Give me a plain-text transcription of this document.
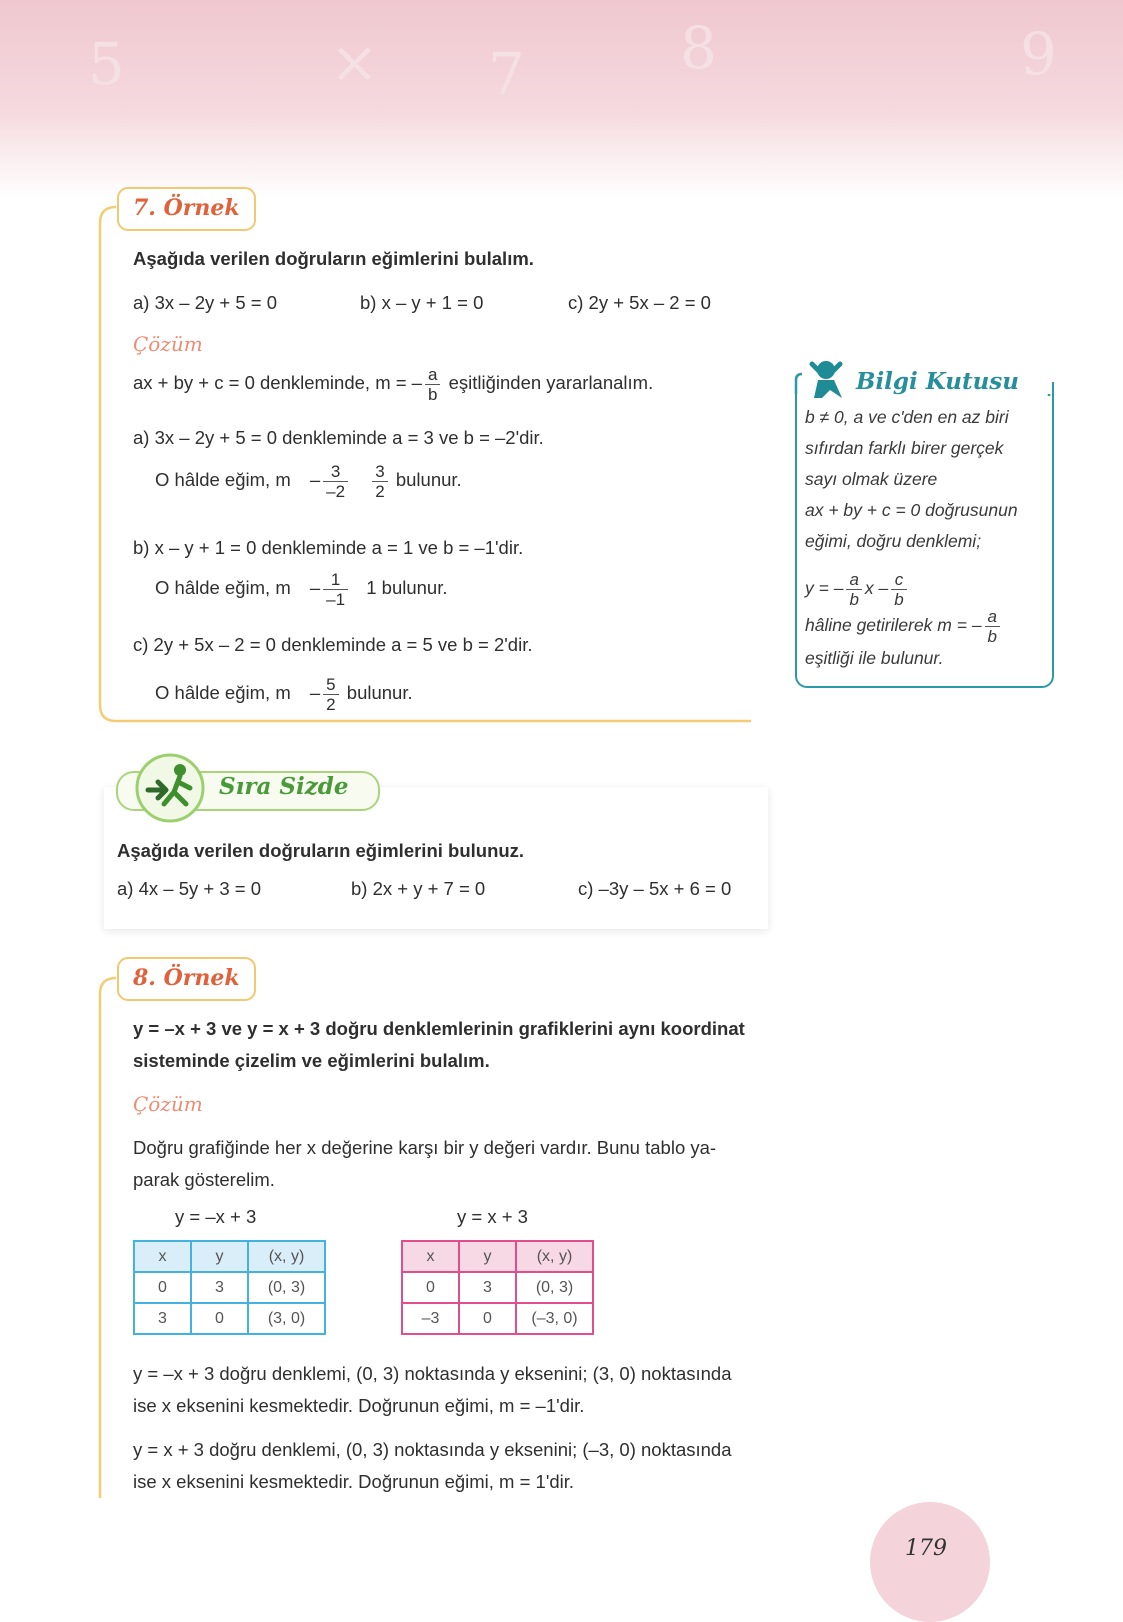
5	× 7	8	9
7. Örnek
Aşağıda verilen doğruların eğimlerini bulalım.
a) 3x – 2y + 5 = 0	b) x – y + 1 = 0	c) 2y + 5x – 2 = 0
Çözüm
ax + by + c = 0 denkleminde, m = – $\frac{a}{b}$ eşitliğinden yararlanalım.
a) 3x – 2y + 5 = 0 denkleminde a = 3 ve b = –2'dir.
O hâlde eğim, m – $\frac{3}{-2}$
$\frac{3}{2}$ bulunur.
b) x – y + 1 = 0 denkleminde a = 1 ve b = –1'dir.
O hâlde eğim, m – $\frac{1}{-1} 1$ bulunur.
c) 2y + 5x – 2 = 0 denkleminde a = 5 ve b = 2'dir.
O hâlde eğim, m – $\frac{5}{2}$ bulunur.
Bilgi Kutusu
b ≠ 0, a ve c'den en az biri
sıfırdan farklı birer gerçek
sayı olmak üzere
ax + by + c = 0 doğrusunun
eğimi, doğru denklemi;
y = – $\frac{a}{b}$ x – $\frac{c}{b}$
hâline getirilerek m = – $\frac{a}{b}$
eşitliği ile bulunur.
Sıra Sizde
Aşağıda verilen doğruların eğimlerini bulunuz.
a) 4x – 5y + 3 = 0	b) 2x + y + 7 = 0	c) –3y – 5x + 6 = 0
8. Örnek
y = –x + 3 ve y = x + 3 doğru denklemlerinin grafiklerini aynı koordinat
sisteminde çizelim ve eğimlerini bulalım.
Çözüm
Doğru grafiğinde her x değerine karşı bir y değeri vardır. Bunu tablo ya-
parak gösterelim.
y = –x + 3
x	y	(x, y)
0	3	(0, 3)
3	0	(3, 0)
y = x + 3
x	y	(x, y)
0	3	(0, 3)
–3	0	(–3, 0)
y = –x + 3 doğru denklemi, (0, 3) noktasında y eksenini; (3, 0) noktasında
ise x eksenini kesmektedir. Doğrunun eğimi, m = –1'dir.
y = x + 3 doğru denklemi, (0, 3) noktasında y eksenini; (–3, 0) noktasında
ise x eksenini kesmektedir. Doğrunun eğimi, m = 1'dir.
179
